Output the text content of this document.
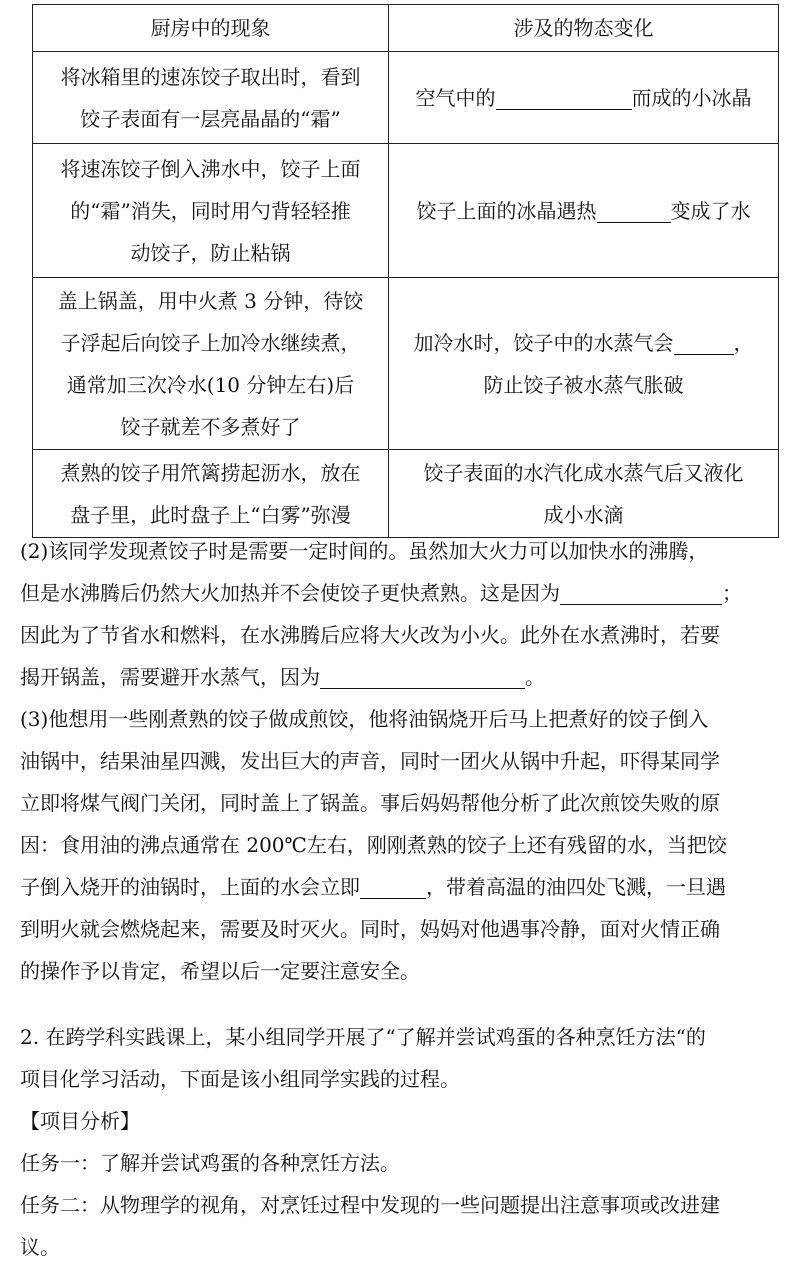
厨房中的现象	涉及的物态变化

将冰箱里的速冻饺子取出时，看到
饺子表面有一层亮晶晶的“霜”	空气中的 而成的小冰晶

将速冻饺子倒入沸水中，饺子上面
的“霜”消失，同时用勺背轻轻推
动饺子，防止粘锅	饺子上面的冰晶遇热 变成了水

盖上锅盖，用中火煮 3 分钟，待饺
子浮起后向饺子上加冷水继续煮，
通常加三次冷水(10 分钟左右)后
饺子就差不多煮好了	加冷水时，饺子中的水蒸气会 ，
防止饺子被水蒸气胀破

煮熟的饺子用笊篱捞起沥水，放在
盘子里，此时盘子上“白雾”弥漫	饺子表面的水汽化成水蒸气后又液化
成小水滴
(2)该同学发现煮饺子时是需要一定时间的。虽然加大火力可以加快水的沸腾，
但是水沸腾后仍然大火加热并不会使饺子更快煮熟。这是因为	；
因此为了节省水和燃料，在水沸腾后应将大火改为小火。此外在水煮沸时，若要
揭开锅盖，需要避开水蒸气，因为	。
(3)他想用一些刚煮熟的饺子做成煎饺，他将油锅烧开后马上把煮好的饺子倒入
油锅中，结果油星四溅，发出巨大的声音，同时一团火从锅中升起，吓得某同学
立即将煤气阀门关闭，同时盖上了锅盖。事后妈妈帮他分析了此次煎饺失败的原
因：食用油的沸点通常在 200℃左右，刚刚煮熟的饺子上还有残留的水，当把饺
子倒入烧开的油锅时，上面的水会立即	，带着高温的油四处飞溅，一旦遇
到明火就会燃烧起来，需要及时灭火。同时，妈妈对他遇事冷静，面对火情正确
的操作予以肯定，希望以后一定要注意安全。
2. 在跨学科实践课上，某小组同学开展了“了解并尝试鸡蛋的各种烹饪方法“的
项目化学习活动，下面是该小组同学实践的过程。
【项目分析】
任务一：了解并尝试鸡蛋的各种烹饪方法。
任务二：从物理学的视角，对烹饪过程中发现的一些问题提出注意事项或改进建
议。
